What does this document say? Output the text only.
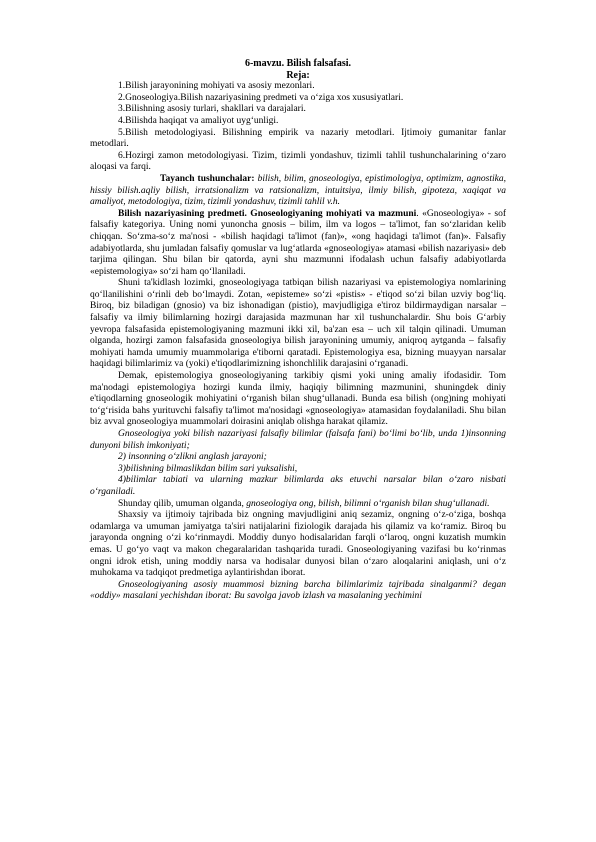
6-mavzu. Bilish falsafasi.

Reja:

1.Bilish jarayonining mohiyati va asosiy mezonlari.

2.Gnoseologiya.Bilish nazariyasining predmeti va o‘ziga xos xususiyatlari.

3.Bilishning asosiy turlari, shakllari va darajalari.

4.Bilishda haqiqat va amaliyot uyg‘unligi.

5.Bilish metodologiyasi. Bilishning empirik va nazariy metodlari. Ijtimoiy gumanitar fanlar metodlari.

6.Hozirgi zamon metodologiyasi. Tizim, tizimli yondashuv, tizimli tahlil tushunchalarining o‘zaro aloqasi va farqi.

Tayanch tushunchalar: bilish, bilim, gnoseologiya, epistimologiya, optimizm, agnostika, hissiy bilish.aqliy bilish, irratsionalizm va ratsionalizm, intuitsiya, ilmiy bilish, gipoteza, xaqiqat va amaliyot, metodologiya, tizim, tizimli yondashuv, tizimli tahlil v.h.

Bilish nazariyasining predmeti. Gnoseologiyaning mohiyati va mazmuni. «Gnoseologiya» - sof falsafiy kategoriya. Uning nomi yunoncha gnosis – bilim, ilm va logos – ta'limot, fan so‘zlaridan kelib chiqqan. So‘zma-so‘z ma'nosi - «bilish haqidagi ta'limot (fan)», «ong haqidagi ta'limot (fan)». Falsafiy adabiyotlarda, shu jumladan falsafiy qomuslar va lug‘atlarda «gnoseologiya» atamasi «bilish nazariyasi» deb tarjima qilingan. Shu bilan bir qatorda, ayni shu mazmunni ifodalash uchun falsafiy adabiyotlarda «epistemologiya» so‘zi ham qo‘llaniladi.

Shuni ta'kidlash lozimki, gnoseologiyaga tatbiqan bilish nazariyasi va epistemologiya nomlarining qo‘llanilishini o‘rinli deb bo‘lmaydi. Zotan, «episteme» so‘zi «pistis» - e'tiqod so‘zi bilan uzviy bog‘liq. Biroq, biz biladigan (gnosio) va biz ishonadigan (pistio), mavjudligiga e'tiroz bildirmaydigan narsalar – falsafiy va ilmiy bilimlarning hozirgi darajasida mazmunan har xil tushunchalardir. Shu bois G‘arbiy yevropa falsafasida epistemologiyaning mazmuni ikki xil, ba'zan esa – uch xil talqin qilinadi. Umuman olganda, hozirgi zamon falsafasida gnoseologiya bilish jarayonining umumiy, aniqroq aytganda – falsafiy mohiyati hamda umumiy muammolariga e'tiborni qaratadi. Epistemologiya esa, bizning muayyan narsalar haqidagi bilimlarimiz va (yoki) e'tiqodlarimizning ishonchlilik darajasini o‘rganadi.

Demak, epistemologiya gnoseologiyaning tarkibiy qismi yoki uning amaliy ifodasidir. Tom ma'nodagi epistemologiya hozirgi kunda ilmiy, haqiqiy bilimning mazmunini, shuningdek diniy e'tiqodlarning gnoseologik mohiyatini o‘rganish bilan shug‘ullanadi. Bunda esa bilish (ong)ning mohiyati to‘g‘risida bahs yurituvchi falsafiy ta'limot ma'nosidagi «gnoseologiya» atamasidan foydalaniladi. Shu bilan biz avval gnoseologiya muammolari doirasini aniqlab olishga harakat qilamiz.

Gnoseologiya yoki bilish nazariyasi falsafiy bilimlar (falsafa fani) bo‘limi bo‘lib, unda 1)insonning dunyoni bilish imkoniyati;

2) insonning o‘zlikni anglash jarayoni;

3)bilishning bilmaslikdan bilim sari yuksalishi,

4)bilimlar tabiati va ularning mazkur bilimlarda aks etuvchi narsalar bilan o‘zaro nisbati o‘rganiladi.

Shunday qilib, umuman olganda, gnoseologiya ong, bilish, bilimni o‘rganish bilan shug‘ullanadi.

Shaxsiy va ijtimoiy tajribada biz ongning mavjudligini aniq sezamiz, ongning o‘z-o‘ziga, boshqa odamlarga va umuman jamiyatga ta'siri natijalarini fiziologik darajada his qilamiz va ko‘ramiz. Biroq bu jarayonda ongning o‘zi ko‘rinmaydi. Moddiy dunyo hodisalaridan farqli o‘laroq, ongni kuzatish mumkin emas. U go‘yo vaqt va makon chegaralaridan tashqarida turadi. Gnoseologiyaning vazifasi bu ko‘rinmas ongni idrok etish, uning moddiy narsa va hodisalar dunyosi bilan o‘zaro aloqalarini aniqlash, uni o‘z muhokama va tadqiqot predmetiga aylantirishdan iborat.

Gnoseologiyaning asosiy muammosi bizning barcha bilimlarimiz tajribada sinalganmi? degan «oddiy» masalani yechishdan iborat: Bu savolga javob izlash va masalaning yechimini
